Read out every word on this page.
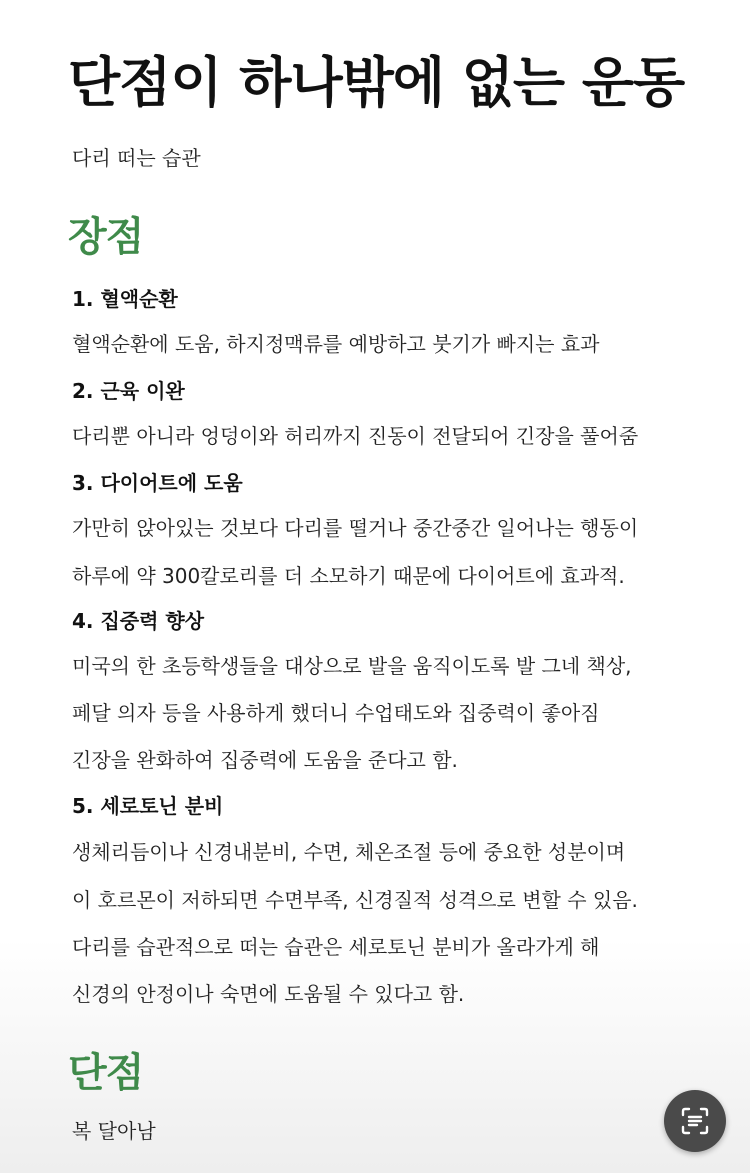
단점이 하나밖에 없는 운동
다리 떠는 습관
장점
1. 혈액순환
혈액순환에 도움, 하지정맥류를 예방하고 붓기가 빠지는 효과
2. 근육 이완
다리뿐 아니라 엉덩이와 허리까지 진동이 전달되어 긴장을 풀어줌
3. 다이어트에 도움
가만히 앉아있는 것보다 다리를 떨거나 중간중간 일어나는 행동이
하루에 약 300칼로리를 더 소모하기 때문에 다이어트에 효과적.
4. 집중력 향상
미국의 한 초등학생들을 대상으로 발을 움직이도록 발 그네 책상,
페달 의자 등을 사용하게 했더니 수업태도와 집중력이 좋아짐
긴장을 완화하여 집중력에 도움을 준다고 함.
5. 세로토닌 분비
생체리듬이나 신경내분비, 수면, 체온조절 등에 중요한 성분이며
이 호르몬이 저하되면 수면부족, 신경질적 성격으로 변할 수 있음.
다리를 습관적으로 떠는 습관은 세로토닌 분비가 올라가게 해
신경의 안정이나 숙면에 도움될 수 있다고 함.
단점
복 달아남
